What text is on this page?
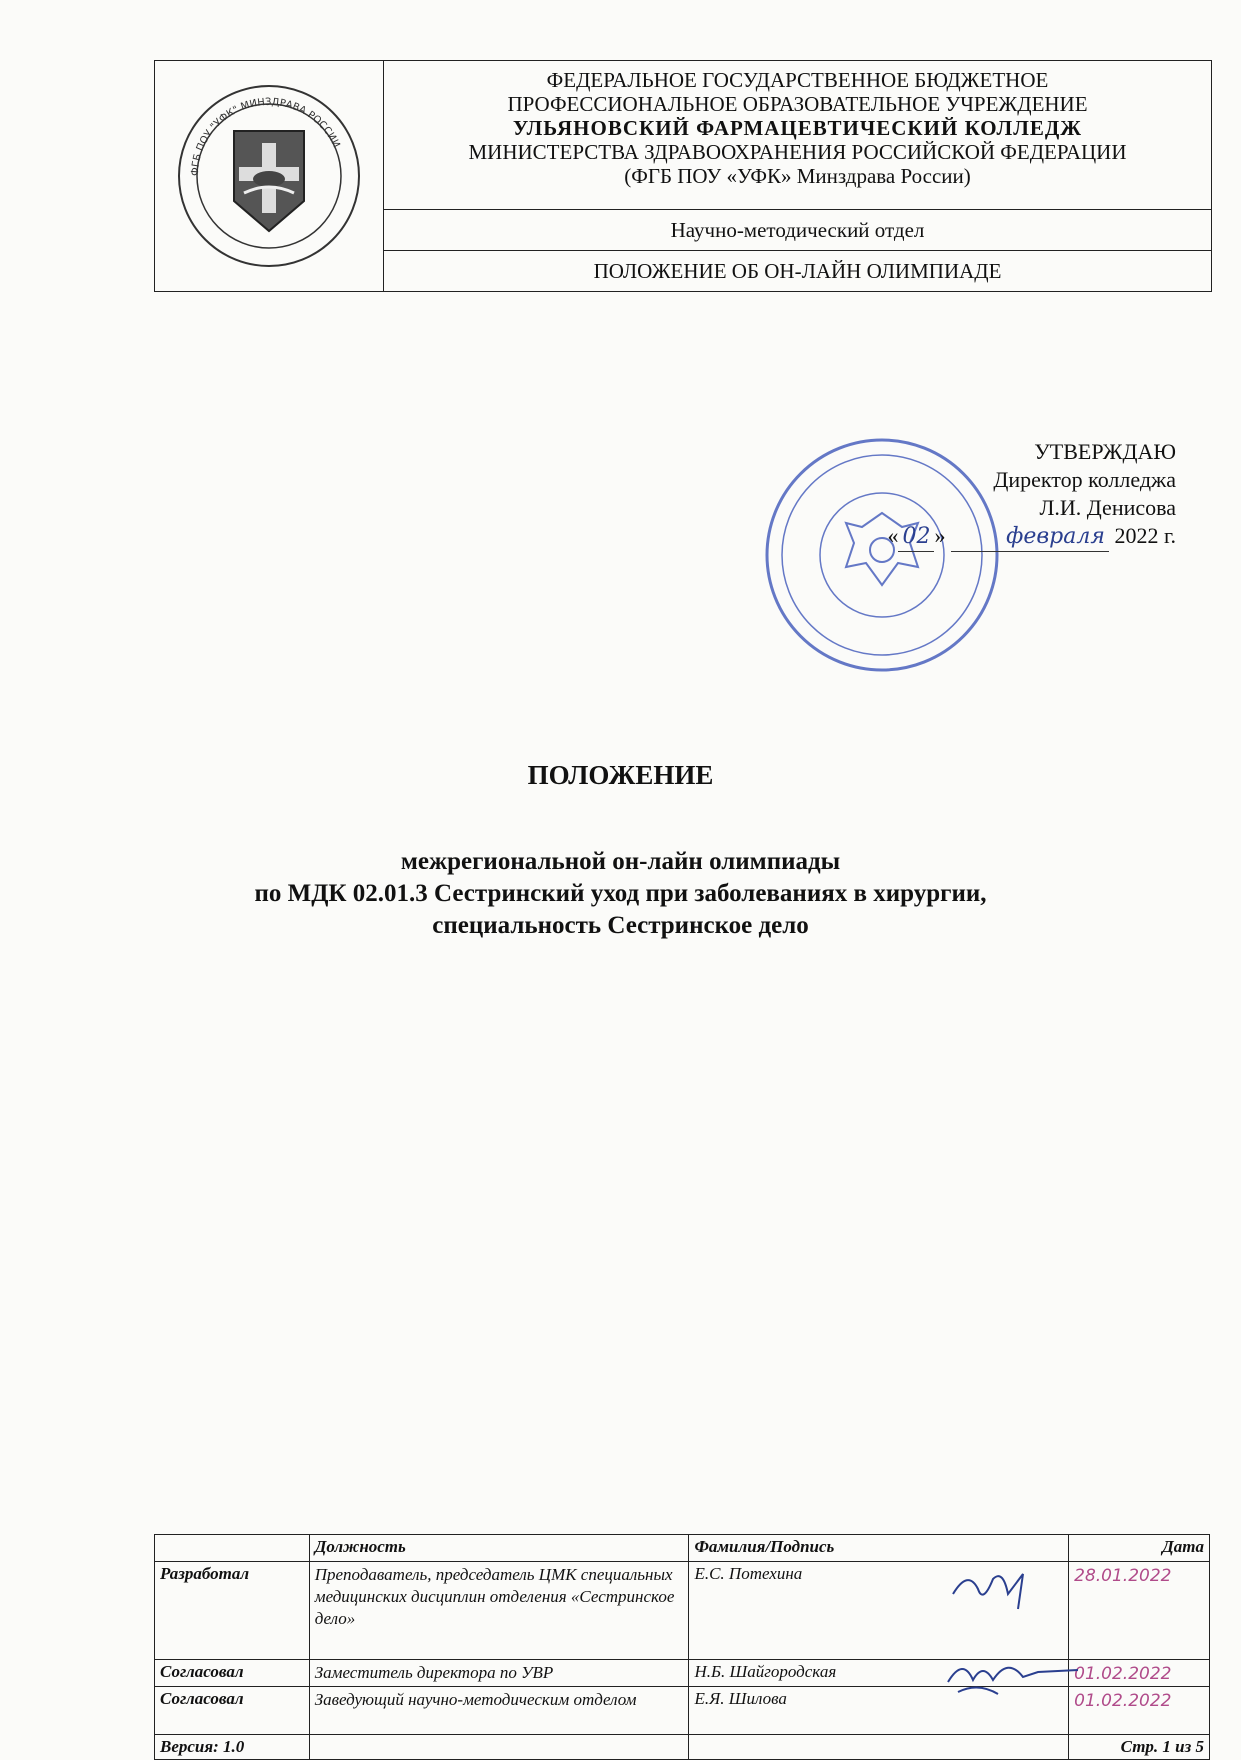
ФГБ ПОУ "УФК" МИНЗДРАВА РОССИИ
ФЕДЕРАЛЬНОЕ ГОСУДАРСТВЕННОЕ БЮДЖЕТНОЕ
ПРОФЕССИОНАЛЬНОЕ ОБРАЗОВАТЕЛЬНОЕ УЧРЕЖДЕНИЕ
УЛЬЯНОВСКИЙ ФАРМАЦЕВТИЧЕСКИЙ КОЛЛЕДЖ
МИНИСТЕРСТВА ЗДРАВООХРАНЕНИЯ РОССИЙСКОЙ ФЕДЕРАЦИИ
(ФГБ ПОУ «УФК» Минздрава России)
Научно-методический отдел
ПОЛОЖЕНИЕ ОБ ОН-ЛАЙН ОЛИМПИАДЕ
УТВЕРЖДАЮ
Директор колледжа
Л.И. Денисова
« 02 »	февраля 2022 г.
ПОЛОЖЕНИЕ
межрегиональной он-лайн олимпиады
по МДК 02.01.3 Сестринский уход при заболеваниях в хирургии,
специальность Сестринское дело
	Должность	Фамилия/Подпись	Дата
Разработал	Преподаватель, председатель ЦМК специальных медицинских дисциплин отделения «Сестринское дело»	Е.С. Потехина	28.01.2022

Согласовал	Заместитель директора по УВР	Н.Б. Шайгородская	01.02.2022

Согласовал	Заведующий научно-методическим отделом	Е.Я. Шилова	01.02.2022

Версия: 1.0			Стр. 1 из 5
